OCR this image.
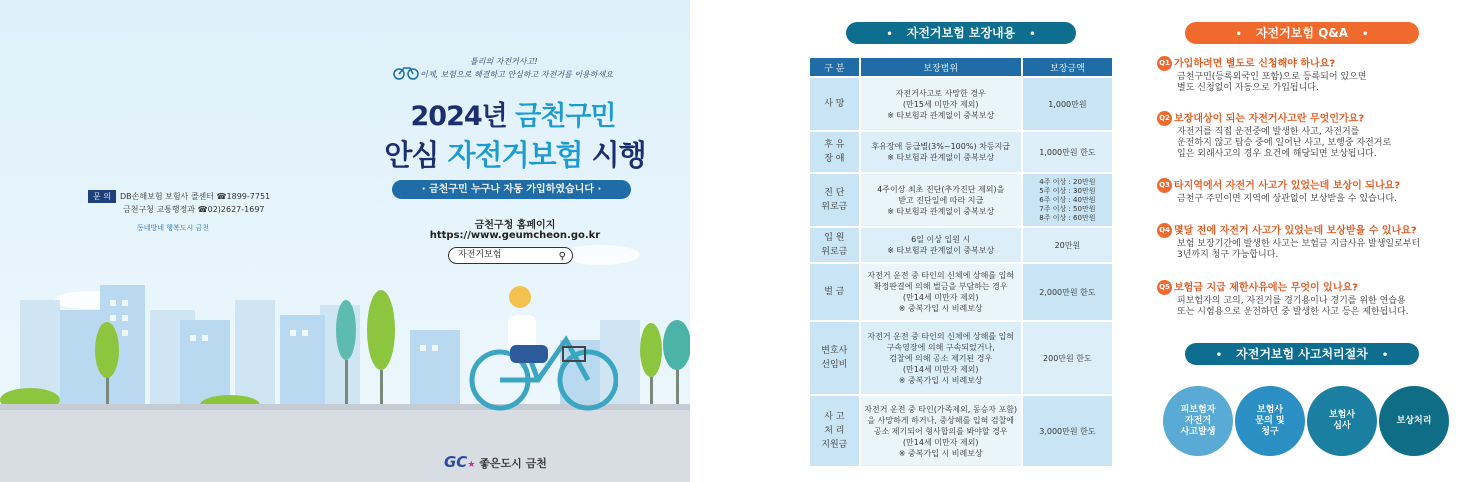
틀리의 자전거사고!
이제, 보험으로 해결하고 안심하고 자전거를 이용하세요
2024년 금천구민
안심 자전거보험 시행
· 금천구민 누구나 자동 가입하였습니다 ·
금천구청 홈페이지
https://www.geumcheon.go.kr
자전거보험	⚲
문 의 DB손해보험 보험사 콜센터 ☎1899-7751
금천구청 교통행정과 ☎02)2627-1697
동네방네 행복도시 금천
GC★ 좋은도시 금천
• 자전거보험 보장내용 •
구 분	보장범위	보장금액
사 망	자전거사고로 사망한 경우
(만15세 미만자 제외)
※ 타보험과 관계없이 중복보상	1,000만원
후 유
장 애	후유장애 등급별(3%~100%) 차등지급
※ 타보험과 관계없이 중복보상	1,000만원 한도
진 단
위로금	4주이상 최초 진단(추가진단 제외)을
받고 진단일에 따라 지급
※ 타보험과 관계없이 중복보상	4주 이상 : 20만원
5주 이상 : 30만원
6주 이상 : 40만원
7주 이상 : 50만원
8주 이상 : 60만원
입 원
위로금	6일 이상 입원 시
※ 타보험과 관계없이 중복보상	20만원
벌 금	자전거 운전 중 타인의 신체에 상해를 입혀
확정판결에 의해 벌금을 부담하는 경우
(만14세 미만자 제외)
※ 중복가입 시 비례보상	2,000만원 한도
변호사
선임비	자전거 운전 중 타인의 신체에 상해를 입혀
구속영장에 의해 구속되었거나,
검찰에 의해 공소 제기된 경우
(만14세 미만자 제외)
※ 중복가입 시 비례보상	200만원 한도
사 고
처 리
지원금	자전거 운전 중 타인(가족제외, 동승자 포함)
을 사망하게 하거나, 중상해를 입혀 검찰에
공소 제기되어 형사합의를 봐야할 경우
(만14세 미만자 제외)
※ 중복가입 시 비례보상	3,000만원 한도
• 자전거보험 Q&A •
Q1 가입하려면 별도로 신청해야 하나요?
금천구민(등록외국인 포함)으로 등록되어 있으면
별도 신청없이 자동으로 가입됩니다.
Q2 보장대상이 되는 자전거사고란 무엇인가요?
자전거를 직접 운전중에 발생한 사고, 자전거를
운전하지 않고 탑승 중에 일어난 사고, 보행중 자전거로
입은 외래사고의 경우 요건에 해당되면 보상됩니다.
Q3 타지역에서 자전거 사고가 있었는데 보상이 되나요?
금천구 주민이면 지역에 상관없이 보상받을 수 있습니다.
Q4 몇달 전에 자전거 사고가 있었는데 보상받을 수 있나요?
보험 보장기간에 발생한 사고는 보험금 지급사유 발생일로부터
3년까지 청구 가능합니다.
Q5 보험금 지급 제한사유에는 무엇이 있나요?
피보험자의 고의, 자전거를 경기용이나 경기를 위한 연습용
또는 시험용으로 운전하던 중 발생한 사고 등은 제한됩니다.
• 자전거보험 사고처리절차 •
피보험자
자전거
사고발생
보험사
문의 및
청구
보험사
심사
보상처리
